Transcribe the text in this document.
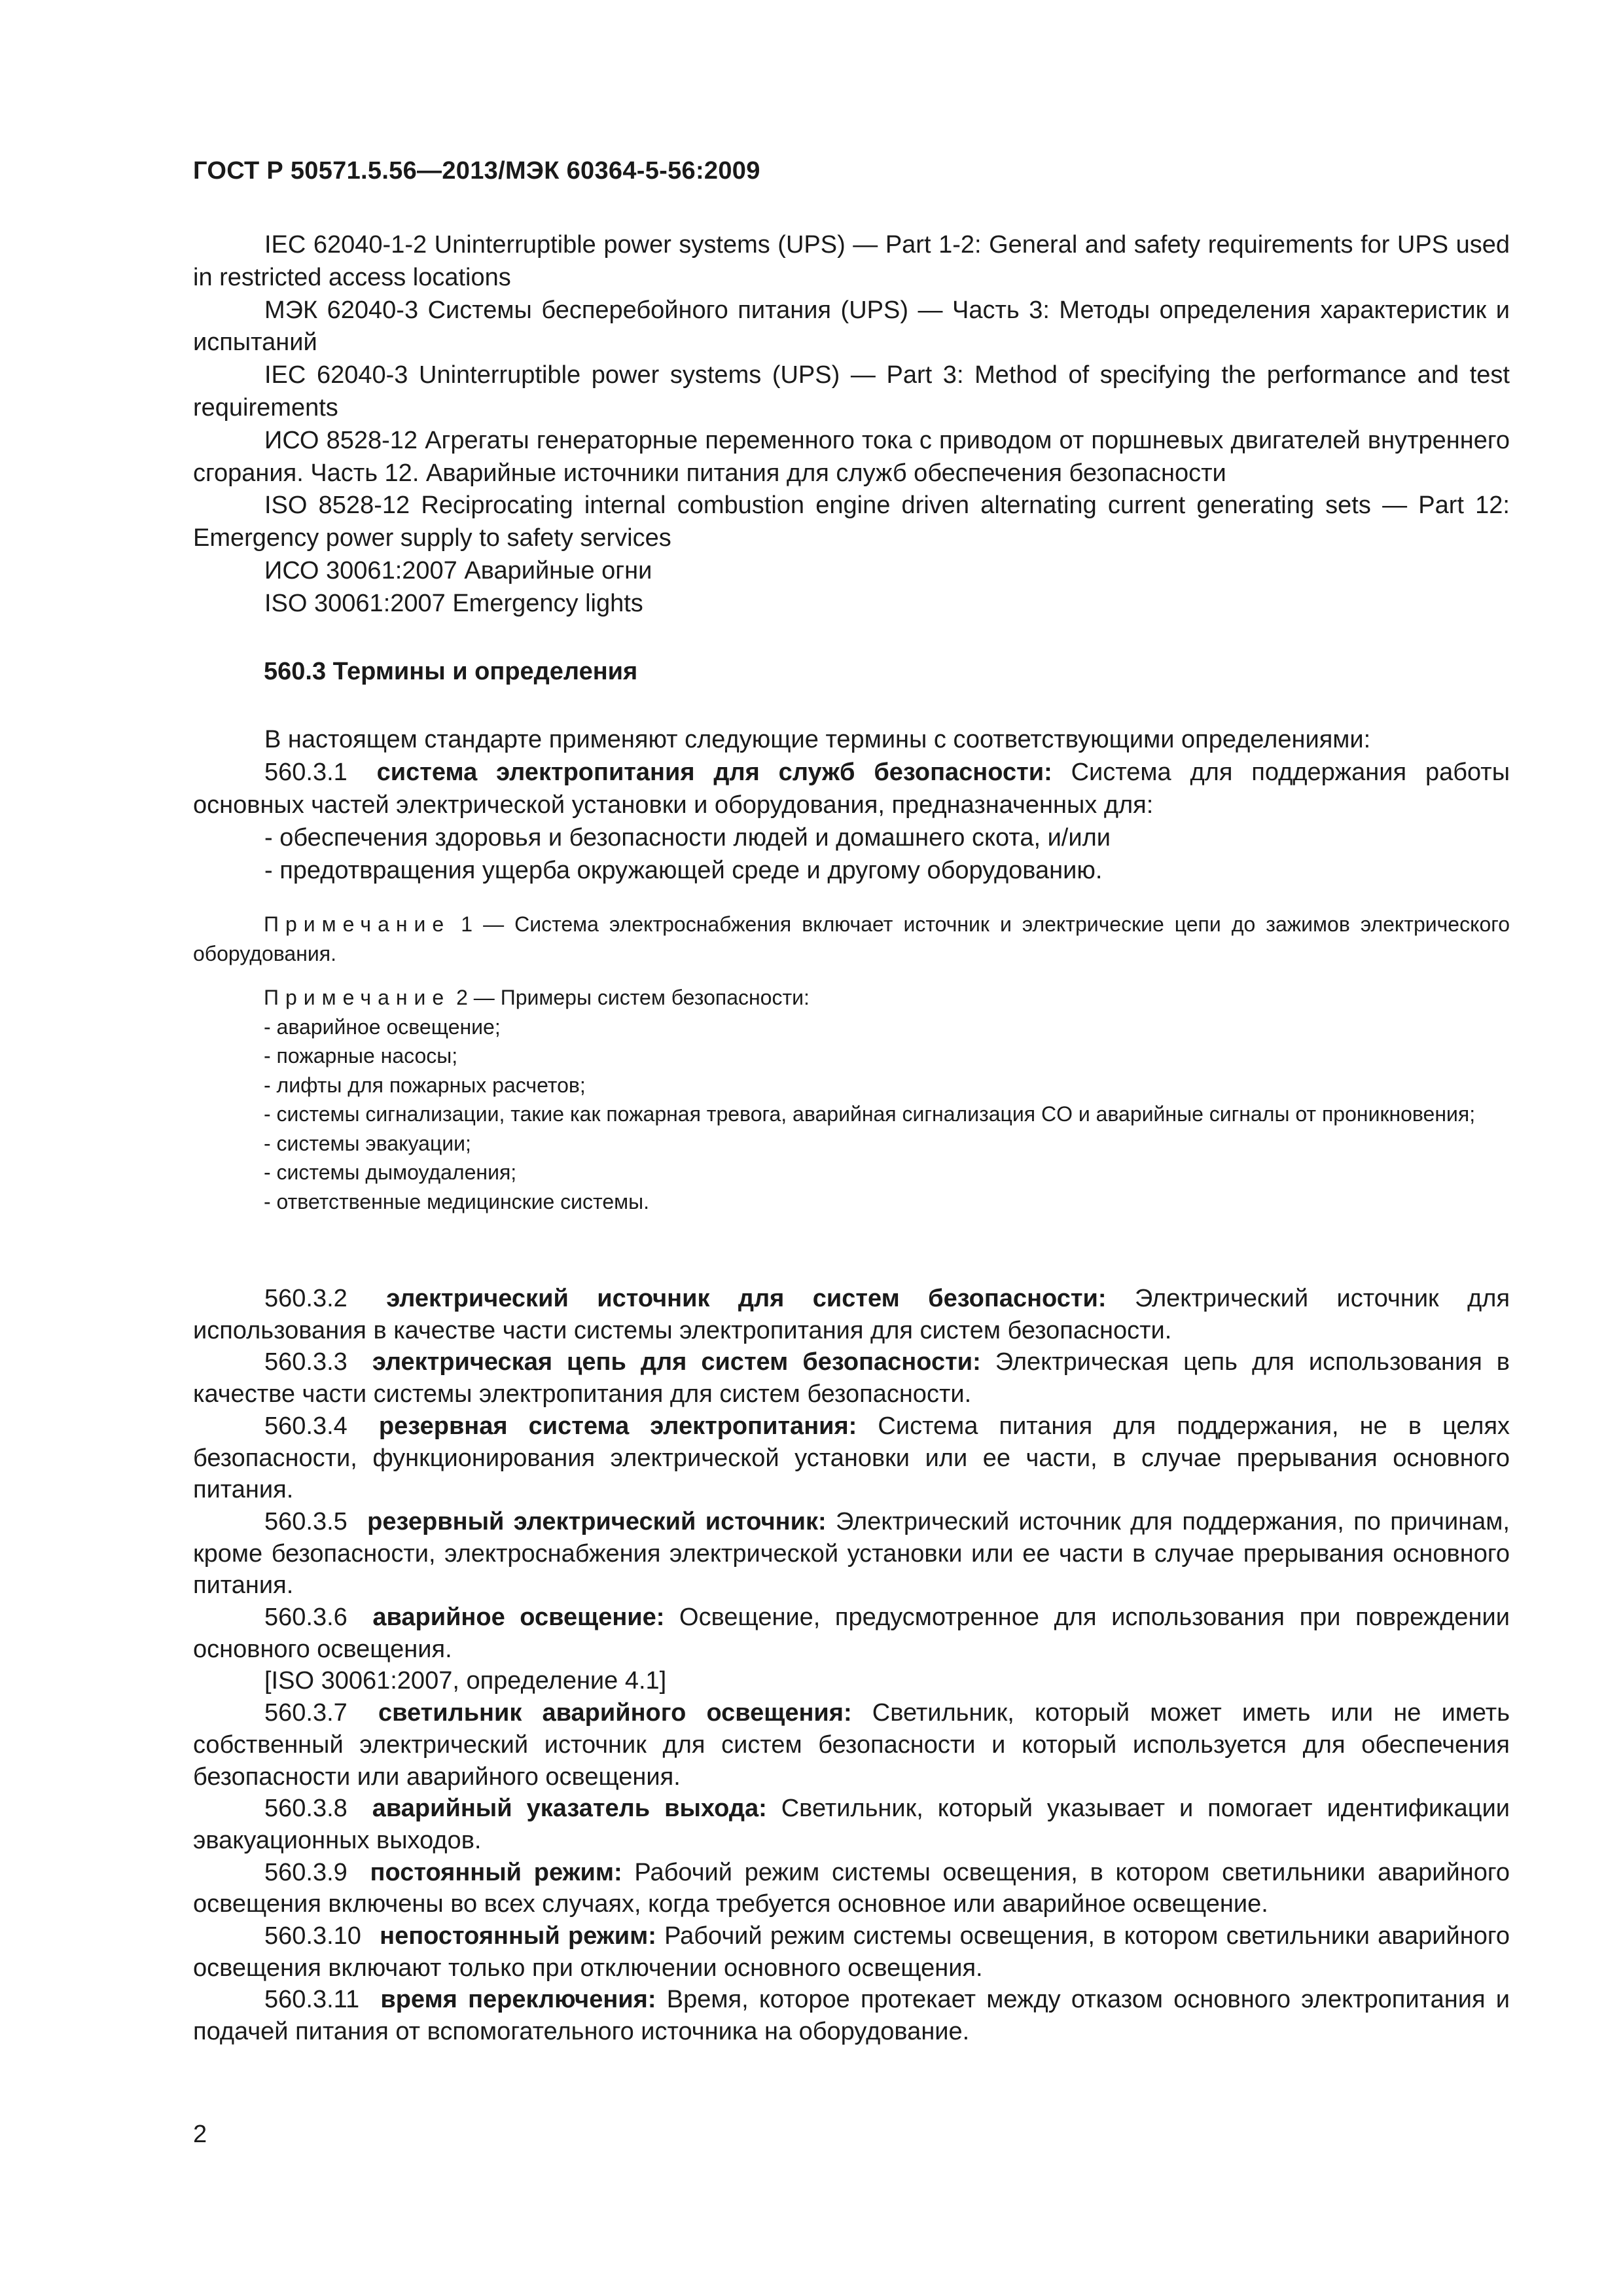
ГОСТ Р 50571.5.56—2013/МЭК 60364-5-56:2009

IEC 62040-1-2 Uninterruptible power systems (UPS) — Part 1-2: General and safety requirements for UPS used in restricted access locations

МЭК 62040-3 Системы бесперебойного питания (UPS) — Часть 3: Методы определения характеристик и испытаний

IEC 62040-3 Uninterruptible power systems (UPS) — Part 3: Method of specifying the performance and test requirements

ИСО 8528-12 Агрегаты генераторные переменного тока с приводом от поршневых двигателей внутреннего сгорания. Часть 12. Аварийные источники питания для служб обеспечения безопасности

ISO 8528-12 Reciprocating internal combustion engine driven alternating current generating sets — Part 12: Emergency power supply to safety services

ИСО 30061:2007 Аварийные огни

ISO 30061:2007 Emergency lights

560.3 Термины и определения

В настоящем стандарте применяют следующие термины с соответствующими определениями:

560.3.1 система электропитания для служб безопасности: Система для поддержания работы основных частей электрической установки и оборудования, предназначенных для:

- обеспечения здоровья и безопасности людей и домашнего скота, и/или

- предотвращения ущерба окружающей среде и другому оборудованию.

Примечание 1 — Система электроснабжения включает источник и электрические цепи до зажимов электрического оборудования.

Примечание 2 — Примеры систем безопасности:

- аварийное освещение;

- пожарные насосы;

- лифты для пожарных расчетов;

- системы сигнализации, такие как пожарная тревога, аварийная сигнализация CO и аварийные сигналы от проникновения;

- системы эвакуации;

- системы дымоудаления;

- ответственные медицинские системы.

560.3.2 электрический источник для систем безопасности: Электрический источник для использования в качестве части системы электропитания для систем безопасности.

560.3.3 электрическая цепь для систем безопасности: Электрическая цепь для использования в качестве части системы электропитания для систем безопасности.

560.3.4 резервная система электропитания: Система питания для поддержания, не в целях безопасности, функционирования электрической установки или ее части, в случае прерывания основного питания.

560.3.5 резервный электрический источник: Электрический источник для поддержания, по причинам, кроме безопасности, электроснабжения электрической установки или ее части в случае прерывания основного питания.

560.3.6 аварийное освещение: Освещение, предусмотренное для использования при повреждении основного освещения.

[ISO 30061:2007, определение 4.1]

560.3.7 светильник аварийного освещения: Светильник, который может иметь или не иметь собственный электрический источник для систем безопасности и который используется для обеспечения безопасности или аварийного освещения.

560.3.8 аварийный указатель выхода: Светильник, который указывает и помогает идентификации эвакуационных выходов.

560.3.9 постоянный режим: Рабочий режим системы освещения, в котором светильники аварийного освещения включены во всех случаях, когда требуется основное или аварийное освещение.

560.3.10 непостоянный режим: Рабочий режим системы освещения, в котором светильники аварийного освещения включают только при отключении основного освещения.

560.3.11 время переключения: Время, которое протекает между отказом основного электропитания и подачей питания от вспомогательного источника на оборудование.

2
